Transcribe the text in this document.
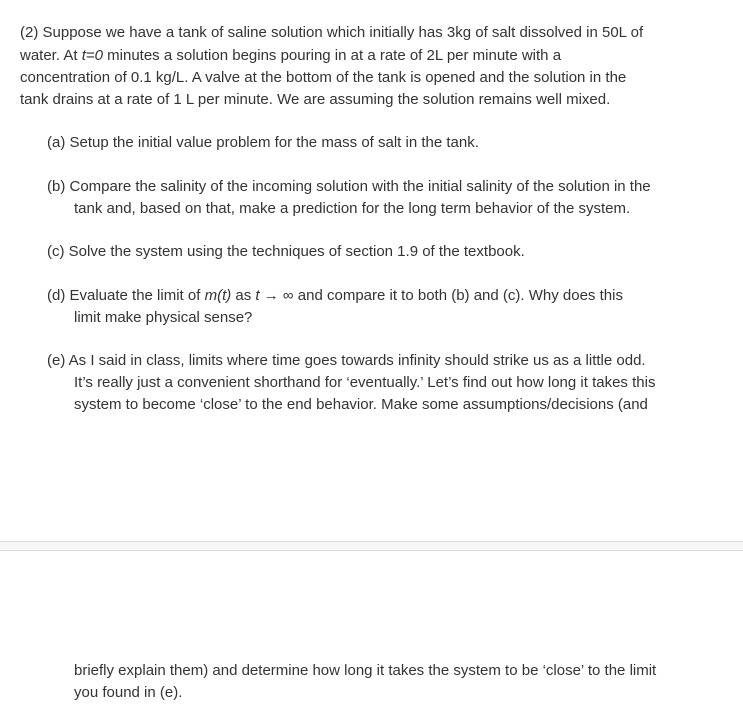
(2) Suppose we have a tank of saline solution which initially has 3kg of salt dissolved in 50L of
water. At t=0 minutes a solution begins pouring in at a rate of 2L per minute with a
concentration of 0.1 kg/L. A valve at the bottom of the tank is opened and the solution in the
tank drains at a rate of 1 L per minute. We are assuming the solution remains well mixed.
(a) Setup the initial value problem for the mass of salt in the tank.
(b) Compare the salinity of the incoming solution with the initial salinity of the solution in the
tank and, based on that, make a prediction for the long term behavior of the system.
(c) Solve the system using the techniques of section 1.9 of the textbook.
(d) Evaluate the limit of m(t) as t → ∞ and compare it to both (b) and (c). Why does this
limit make physical sense?
(e) As I said in class, limits where time goes towards infinity should strike us as a little odd.
It’s really just a convenient shorthand for ‘eventually.’ Let’s find out how long it takes this
system to become ‘close’ to the end behavior. Make some assumptions/decisions (and
briefly explain them) and determine how long it takes the system to be ‘close’ to the limit
you found in (e).
